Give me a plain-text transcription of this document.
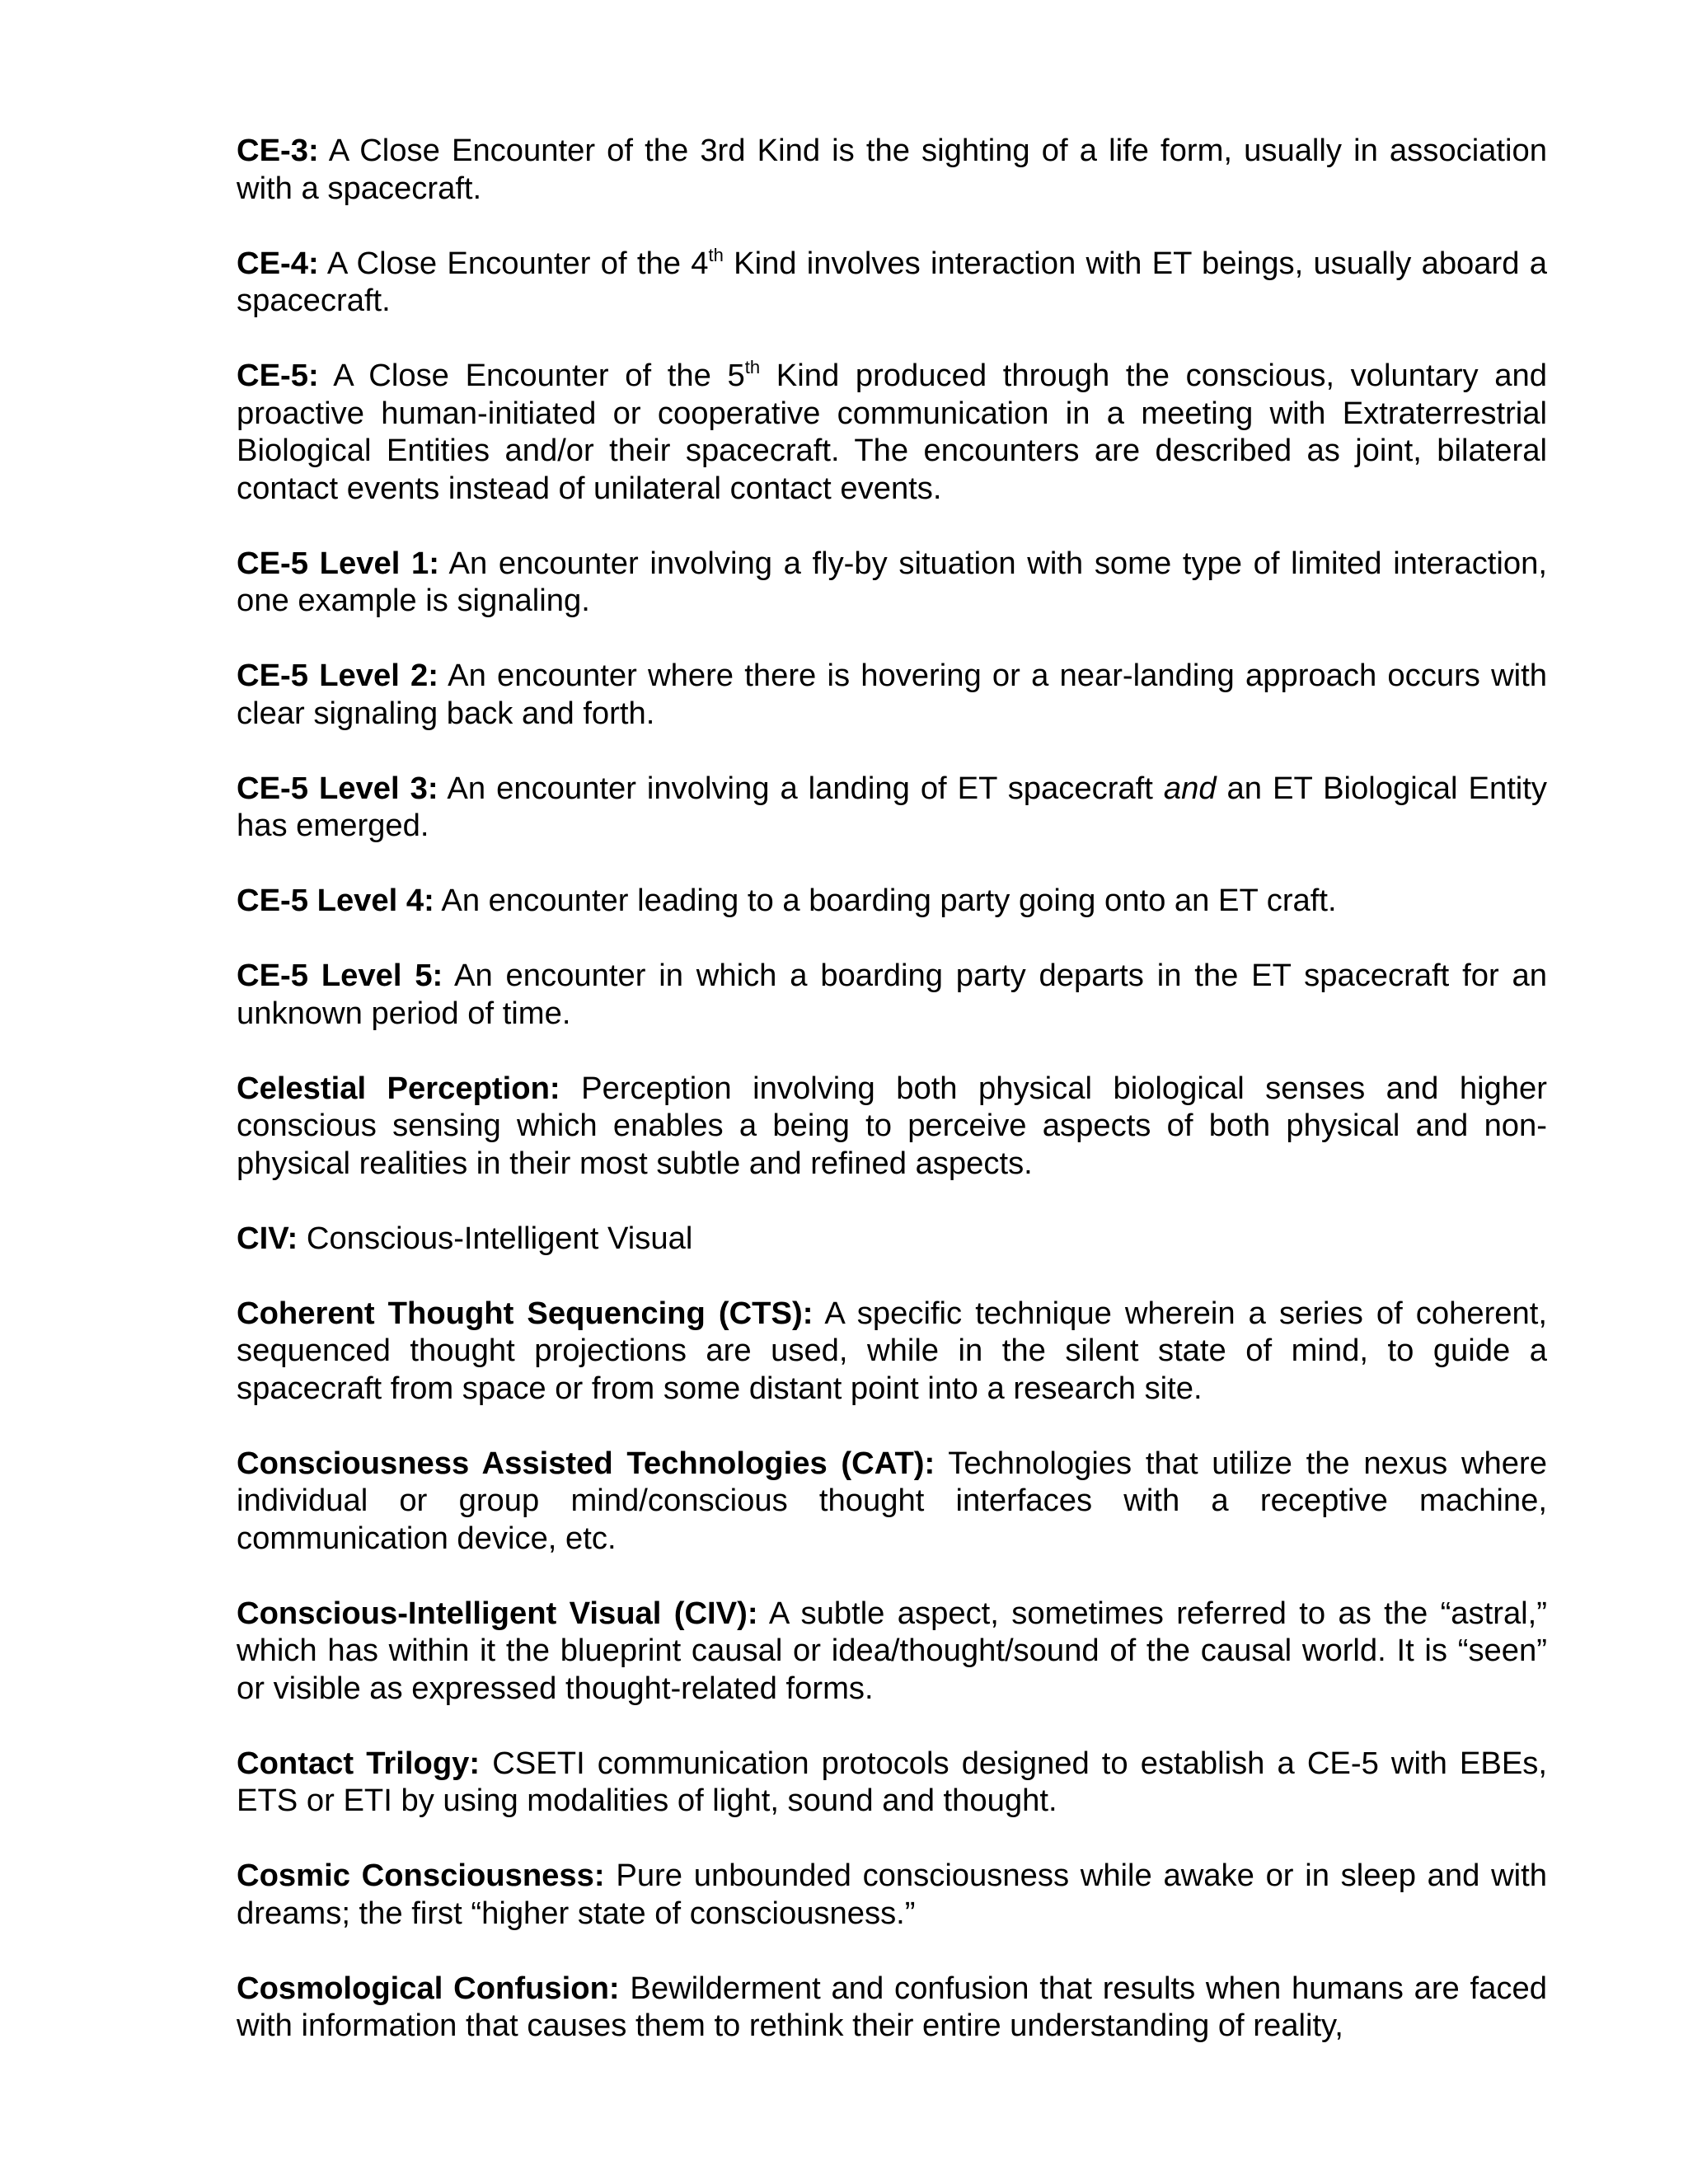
CE-3: A Close Encounter of the 3rd Kind is the sighting of a life form, usually in association with a spacecraft.

CE-4: A Close Encounter of the 4th Kind involves interaction with ET beings, usually aboard a spacecraft.

CE-5: A Close Encounter of the 5th Kind produced through the conscious, voluntary and proactive human-initiated or cooperative communication in a meeting with Extraterrestrial Biological Entities and/or their spacecraft. The encounters are described as joint, bilateral contact events instead of unilateral contact events.

CE-5 Level 1: An encounter involving a fly-by situation with some type of limited interaction, one example is signaling.

CE-5 Level 2: An encounter where there is hovering or a near-landing approach occurs with clear signaling back and forth.

CE-5 Level 3: An encounter involving a landing of ET spacecraft and an ET Biological Entity has emerged.

CE-5 Level 4: An encounter leading to a boarding party going onto an ET craft.

CE-5 Level 5: An encounter in which a boarding party departs in the ET spacecraft for an unknown period of time.

Celestial Perception: Perception involving both physical biological senses and higher conscious sensing which enables a being to perceive aspects of both physical and non-physical realities in their most subtle and refined aspects.

CIV: Conscious-Intelligent Visual

Coherent Thought Sequencing (CTS): A specific technique wherein a series of coherent, sequenced thought projections are used, while in the silent state of mind, to guide a spacecraft from space or from some distant point into a research site.

Consciousness Assisted Technologies (CAT): Technologies that utilize the nexus where individual or group mind/conscious thought interfaces with a receptive machine, communication device, etc.

Conscious-Intelligent Visual (CIV): A subtle aspect, sometimes referred to as the “astral,” which has within it the blueprint causal or idea/thought/sound of the causal world. It is “seen” or visible as expressed thought-related forms.

Contact Trilogy: CSETI communication protocols designed to establish a CE-5 with EBEs, ETS or ETI by using modalities of light, sound and thought.

Cosmic Consciousness: Pure unbounded consciousness while awake or in sleep and with dreams; the first “higher state of consciousness.”

Cosmological Confusion: Bewilderment and confusion that results when humans are faced with information that causes them to rethink their entire understanding of reality,
